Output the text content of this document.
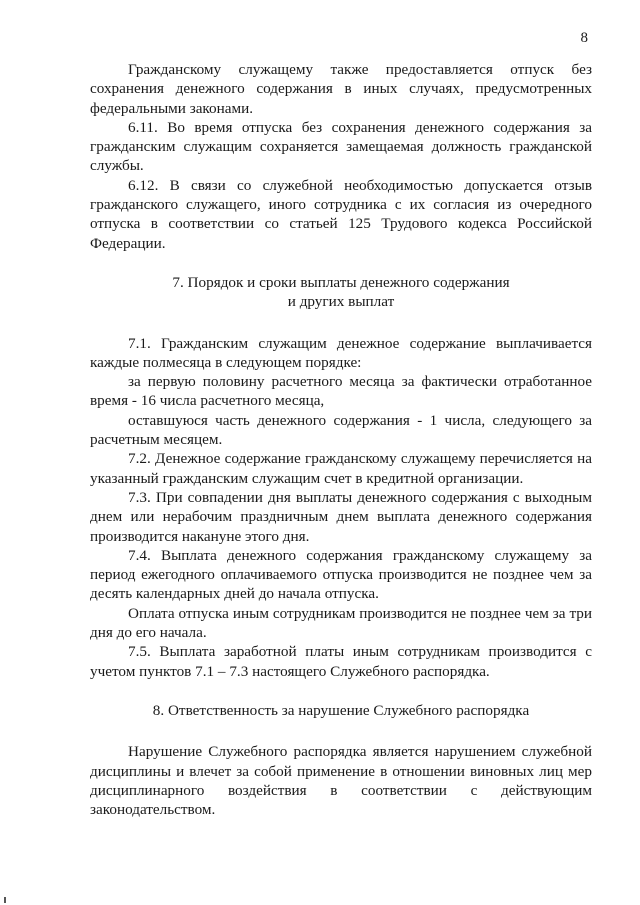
8

Гражданскому служащему также предоставляется отпуск без сохранения денежного содержания в иных случаях, предусмотренных федеральными законами.

6.11. Во время отпуска без сохранения денежного содержания за гражданским служащим сохраняется замещаемая должность гражданской службы.

6.12. В связи со служебной необходимостью допускается отзыв гражданского служащего, иного сотрудника с их согласия из очередного отпуска в соответствии со статьей 125 Трудового кодекса Российской Федерации.

7. Порядок и сроки выплаты денежного содержания

и других выплат

7.1. Гражданским служащим денежное содержание выплачивается каждые полмесяца в следующем порядке:

за первую половину расчетного месяца за фактически отработанное время - 16 числа расчетного месяца,

оставшуюся часть денежного содержания - 1 числа, следующего за расчетным месяцем.

7.2. Денежное содержание гражданскому служащему перечисляется на указанный гражданским служащим счет в кредитной организации.

7.3. При совпадении дня выплаты денежного содержания с выходным днем или нерабочим праздничным днем выплата денежного содержания производится накануне этого дня.

7.4. Выплата денежного содержания гражданскому служащему за период ежегодного оплачиваемого отпуска производится не позднее чем за десять календарных дней до начала отпуска.

Оплата отпуска иным сотрудникам производится не позднее чем за три дня до его начала.

7.5. Выплата заработной платы иным сотрудникам производится с учетом пунктов 7.1 – 7.3 настоящего Служебного распорядка.

8. Ответственность за нарушение Служебного распорядка

Нарушение Служебного распорядка является нарушением служебной дисциплины и влечет за собой применение в отношении виновных лиц мер дисциплинарного воздействия в соответствии с действующим законодательством.
